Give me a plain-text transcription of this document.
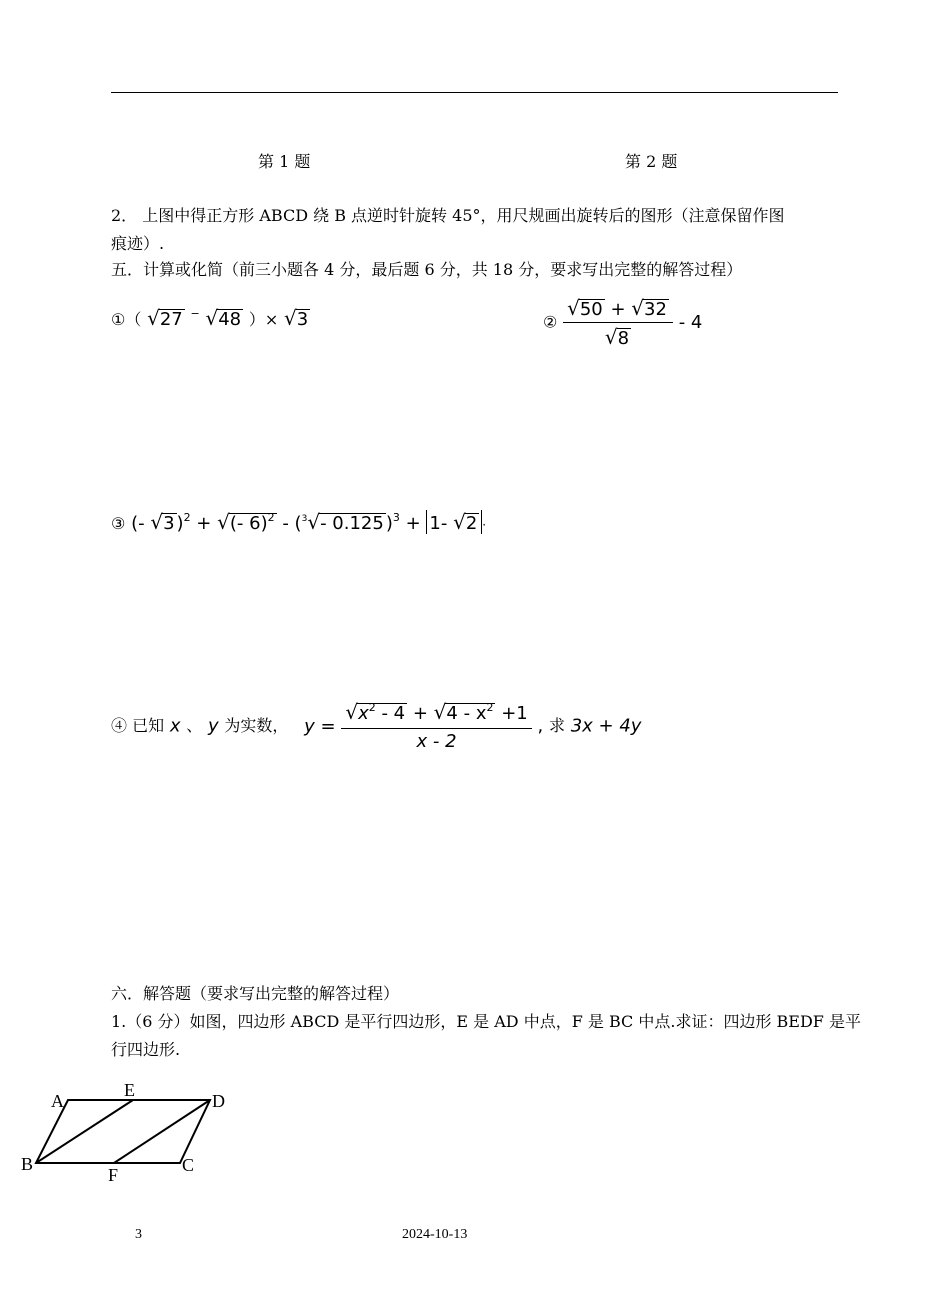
第 1 题	第 2 题
2． 上图中得正方形 ABCD 绕 B 点逆时针旋转 45°，用尺规画出旋转后的图形（注意保留作图
痕迹）.
五．计算或化简（前三小题各 4 分，最后题 6 分，共 18 分，要求写出完整的解答过程）
①（ √27 − √48 ）× √3	② $\frac{√50 + √32}{√8} - 4$
③ (- √3 )$^2$ + √(- 6)$^2$ - ($^3$√- 0.125 )$^3$ + 1- √2 ·
④ 已知 x 、 y 为实数， $y = \frac{√x^2 - 4 + √4 - x^2 +1}{x - 2}$ , 求 3x + 4y
六．解答题（要求写出完整的解答过程）
1.（6 分）如图，四边形 ABCD 是平行四边形，E 是 AD 中点，F 是 BC 中点.求证：四边形 BEDF 是平
行四边形.
A
E
D
B
F	C
3	2024-10-13
